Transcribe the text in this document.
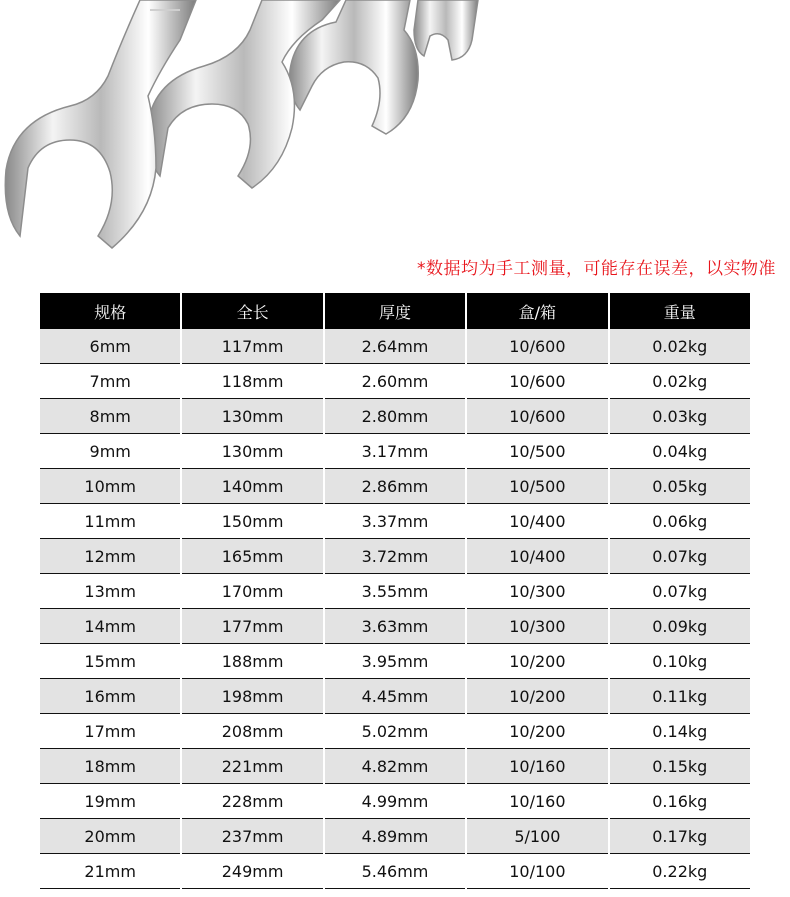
*数据均为手工测量，可能存在误差，以实物准
规格	全长	厚度	盒/箱	重量
6mm	117mm	2.64mm	10/600	0.02kg
7mm	118mm	2.60mm	10/600	0.02kg
8mm	130mm	2.80mm	10/600	0.03kg
9mm	130mm	3.17mm	10/500	0.04kg
10mm	140mm	2.86mm	10/500	0.05kg
11mm	150mm	3.37mm	10/400	0.06kg
12mm	165mm	3.72mm	10/400	0.07kg
13mm	170mm	3.55mm	10/300	0.07kg
14mm	177mm	3.63mm	10/300	0.09kg
15mm	188mm	3.95mm	10/200	0.10kg
16mm	198mm	4.45mm	10/200	0.11kg
17mm	208mm	5.02mm	10/200	0.14kg
18mm	221mm	4.82mm	10/160	0.15kg
19mm	228mm	4.99mm	10/160	0.16kg
20mm	237mm	4.89mm	5/100	0.17kg
21mm	249mm	5.46mm	10/100	0.22kg
